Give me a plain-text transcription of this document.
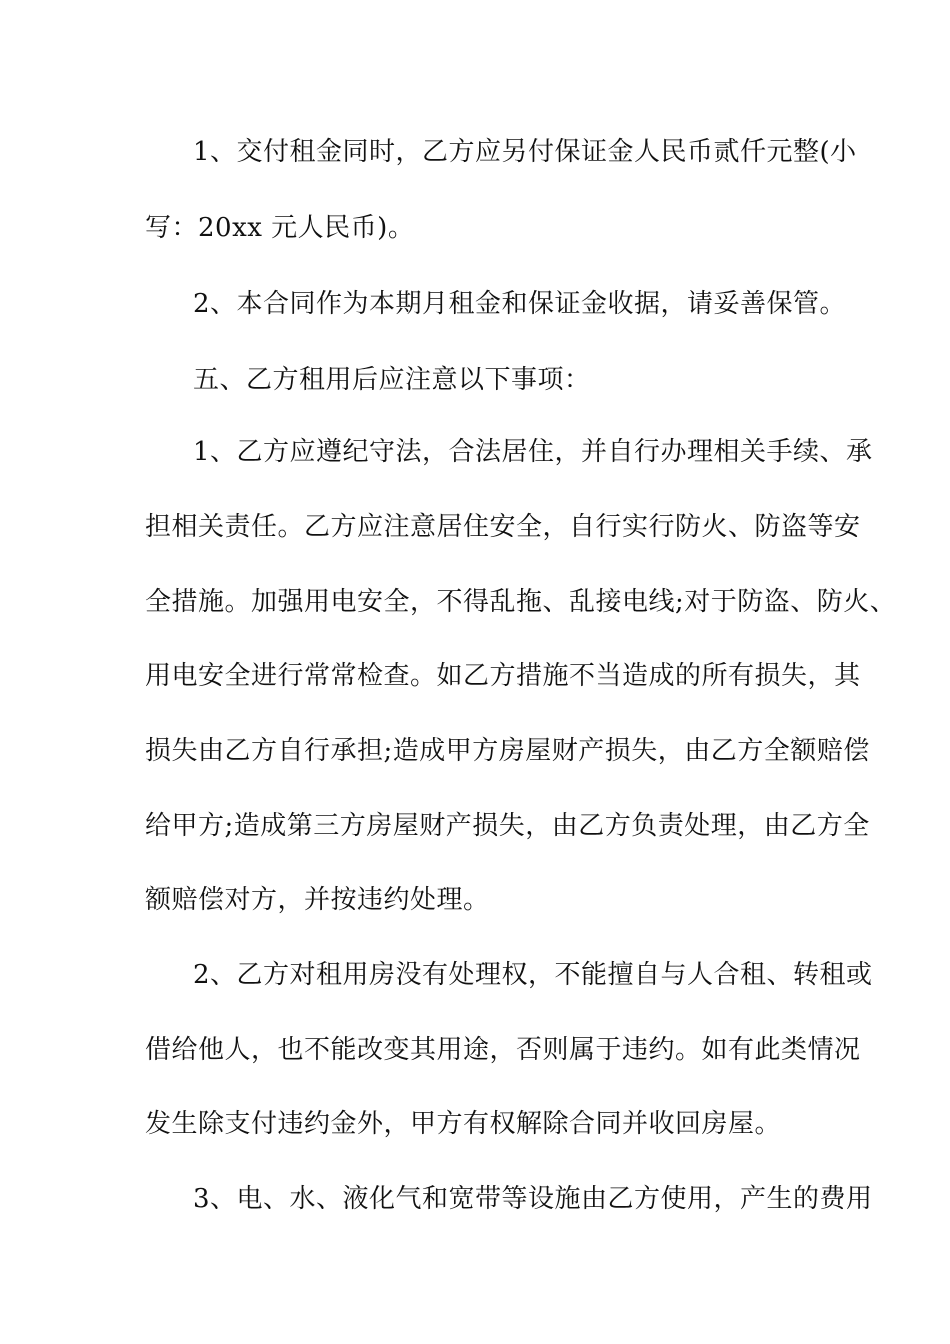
1、交付租金同时，乙方应另付保证金人民币贰仟元整(小
写：20xx 元人民币)。
2、本合同作为本期月租金和保证金收据，请妥善保管。
五、乙方租用后应注意以下事项：
1、乙方应遵纪守法，合法居住，并自行办理相关手续、承
担相关责任。乙方应注意居住安全，自行实行防火、防盗等安
全措施。加强用电安全，不得乱拖、乱接电线;对于防盗、防火、
用电安全进行常常检查。如乙方措施不当造成的所有损失，其
损失由乙方自行承担;造成甲方房屋财产损失，由乙方全额赔偿
给甲方;造成第三方房屋财产损失，由乙方负责处理，由乙方全
额赔偿对方，并按违约处理。
2、乙方对租用房没有处理权，不能擅自与人合租、转租或
借给他人，也不能改变其用途，否则属于违约。如有此类情况
发生除支付违约金外，甲方有权解除合同并收回房屋。
3、电、水、液化气和宽带等设施由乙方使用，产生的费用
